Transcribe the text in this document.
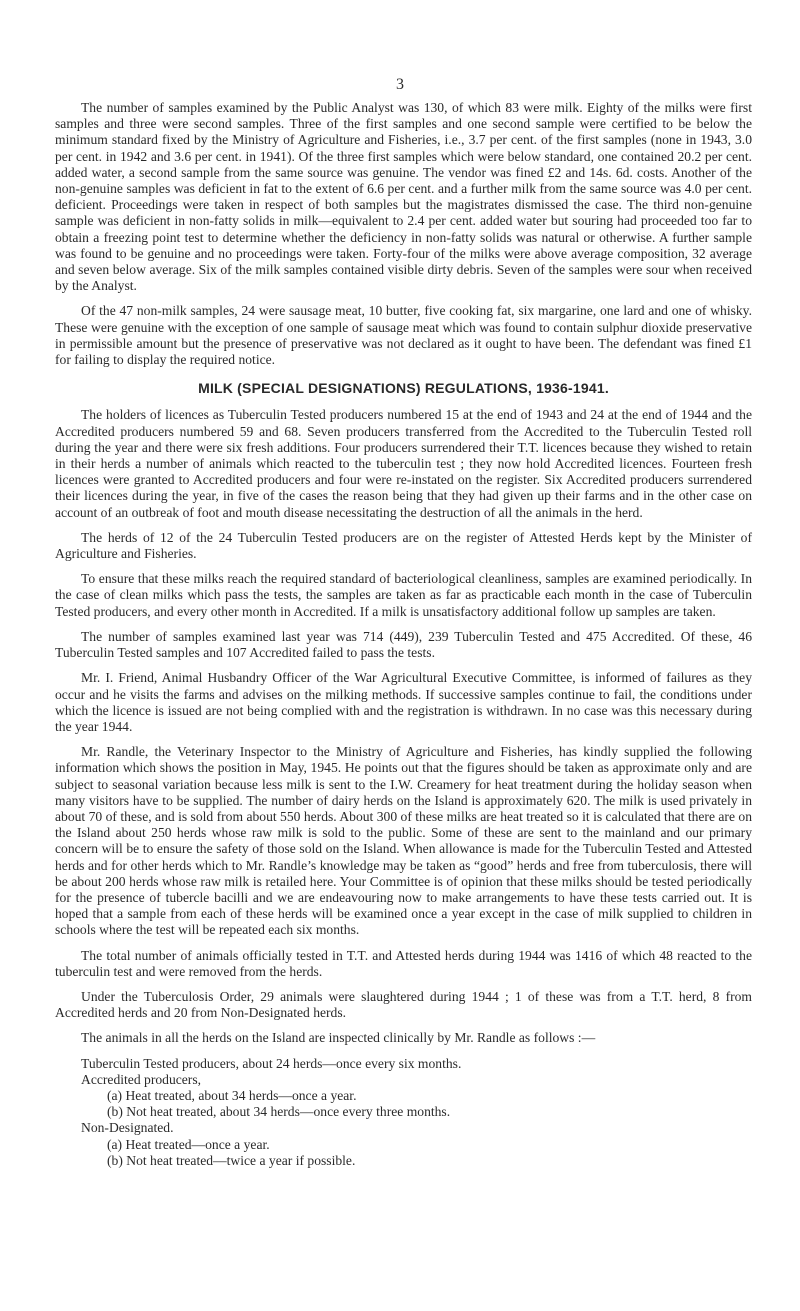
3

The number of samples examined by the Public Analyst was 130, of which 83 were milk. Eighty of the milks were first samples and three were second samples. Three of the first samples and one second sample were certified to be below the minimum standard fixed by the Ministry of Agriculture and Fisheries, i.e., 3.7 per cent. of the first samples (none in 1943, 3.0 per cent. in 1942 and 3.6 per cent. in 1941). Of the three first samples which were below standard, one contained 20.2 per cent. added water, a second sample from the same source was genuine. The vendor was fined £2 and 14s. 6d. costs. Another of the non-genuine samples was deficient in fat to the extent of 6.6 per cent. and a further milk from the same source was 4.0 per cent. deficient. Proceedings were taken in respect of both samples but the magistrates dismissed the case. The third non-genuine sample was deficient in non-fatty solids in milk—equivalent to 2.4 per cent. added water but souring had proceeded too far to obtain a freezing point test to determine whether the deficiency in non-fatty solids was natural or otherwise. A further sample was found to be genuine and no proceedings were taken. Forty-four of the milks were above average composition, 32 average and seven below average. Six of the milk samples contained visible dirty debris. Seven of the samples were sour when received by the Analyst.

Of the 47 non-milk samples, 24 were sausage meat, 10 butter, five cooking fat, six margarine, one lard and one of whisky. These were genuine with the exception of one sample of sausage meat which was found to contain sulphur dioxide preservative in permissible amount but the presence of preservative was not declared as it ought to have been. The defendant was fined £1 for failing to display the required notice.

MILK (SPECIAL DESIGNATIONS) REGULATIONS, 1936-1941.

The holders of licences as Tuberculin Tested producers numbered 15 at the end of 1943 and 24 at the end of 1944 and the Accredited producers numbered 59 and 68. Seven producers transferred from the Accredited to the Tuberculin Tested roll during the year and there were six fresh additions. Four producers surrendered their T.T. licences because they wished to retain in their herds a number of animals which reacted to the tuberculin test ; they now hold Accredited licences. Fourteen fresh licences were granted to Accredited producers and four were re-instated on the register. Six Accredited producers surrendered their licences during the year, in five of the cases the reason being that they had given up their farms and in the other case on account of an outbreak of foot and mouth disease necessitating the destruction of all the animals in the herd.

The herds of 12 of the 24 Tuberculin Tested producers are on the register of Attested Herds kept by the Minister of Agriculture and Fisheries.

To ensure that these milks reach the required standard of bacteriological cleanliness, samples are examined periodically. In the case of clean milks which pass the tests, the samples are taken as far as practicable each month in the case of Tuberculin Tested producers, and every other month in Accredited. If a milk is unsatisfactory additional follow up samples are taken.

The number of samples examined last year was 714 (449), 239 Tuberculin Tested and 475 Accredited. Of these, 46 Tuberculin Tested samples and 107 Accredited failed to pass the tests.

Mr. I. Friend, Animal Husbandry Officer of the War Agricultural Executive Committee, is informed of failures as they occur and he visits the farms and advises on the milking methods. If successive samples continue to fail, the conditions under which the licence is issued are not being complied with and the registration is withdrawn. In no case was this necessary during the year 1944.

Mr. Randle, the Veterinary Inspector to the Ministry of Agriculture and Fisheries, has kindly supplied the following information which shows the position in May, 1945. He points out that the figures should be taken as approximate only and are subject to seasonal variation because less milk is sent to the I.W. Creamery for heat treatment during the holiday season when many visitors have to be supplied. The number of dairy herds on the Island is approximately 620. The milk is used privately in about 70 of these, and is sold from about 550 herds. About 300 of these milks are heat treated so it is calculated that there are on the Island about 250 herds whose raw milk is sold to the public. Some of these are sent to the mainland and our primary concern will be to ensure the safety of those sold on the Island. When allowance is made for the Tuberculin Tested and Attested herds and for other herds which to Mr. Randle’s knowledge may be taken as “good” herds and free from tuberculosis, there will be about 200 herds whose raw milk is retailed here. Your Committee is of opinion that these milks should be tested periodically for the presence of tubercle bacilli and we are endeavouring now to make arrangements to have these tests carried out. It is hoped that a sample from each of these herds will be examined once a year except in the case of milk supplied to children in schools where the test will be repeated each six months.

The total number of animals officially tested in T.T. and Attested herds during 1944 was 1416 of which 48 reacted to the tuberculin test and were removed from the herds.

Under the Tuberculosis Order, 29 animals were slaughtered during 1944 ; 1 of these was from a T.T. herd, 8 from Accredited herds and 20 from Non-Designated herds.

The animals in all the herds on the Island are inspected clinically by Mr. Randle as follows :—

Tuberculin Tested producers, about 24 herds—once every six months.
Accredited producers,
(a) Heat treated, about 34 herds—once a year.
(b) Not heat treated, about 34 herds—once every three months.
Non-Designated.
(a) Heat treated—once a year.
(b) Not heat treated—twice a year if possible.
